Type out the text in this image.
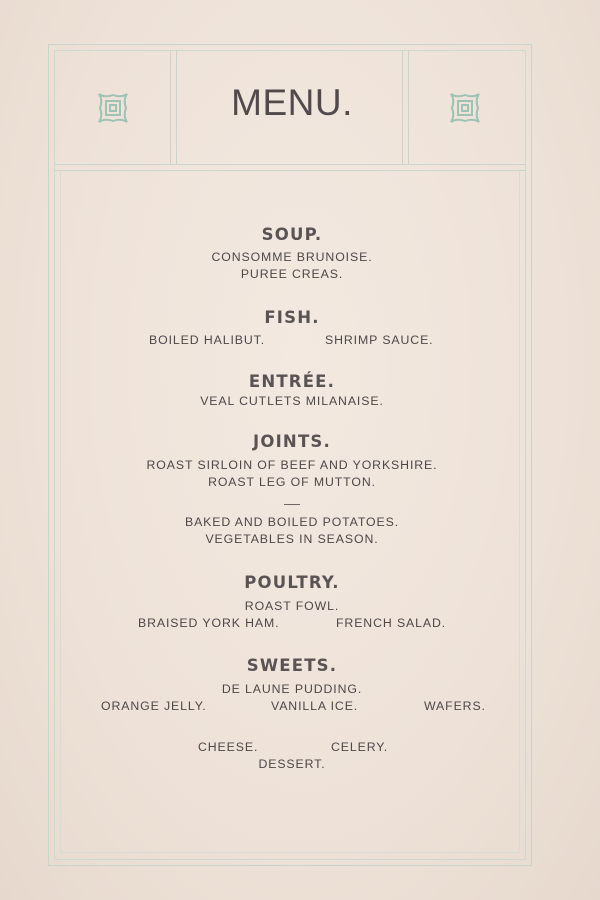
MENU.
SOUP.
CONSOMME BRUNOISE.
PUREE CREAS.
FISH.
BOILED HALIBUT.	SHRIMP SAUCE.
ENTRÉE.
VEAL CUTLETS MILANAISE.
JOINTS.
ROAST SIRLOIN OF BEEF AND YORKSHIRE.
ROAST LEG OF MUTTON.
BAKED AND BOILED POTATOES.
VEGETABLES IN SEASON.
POULTRY.
ROAST FOWL.
BRAISED YORK HAM.	FRENCH SALAD.
SWEETS.
DE LAUNE PUDDING.
ORANGE JELLY.	VANILLA ICE.	WAFERS.
CHEESE.	CELERY.
DESSERT.
